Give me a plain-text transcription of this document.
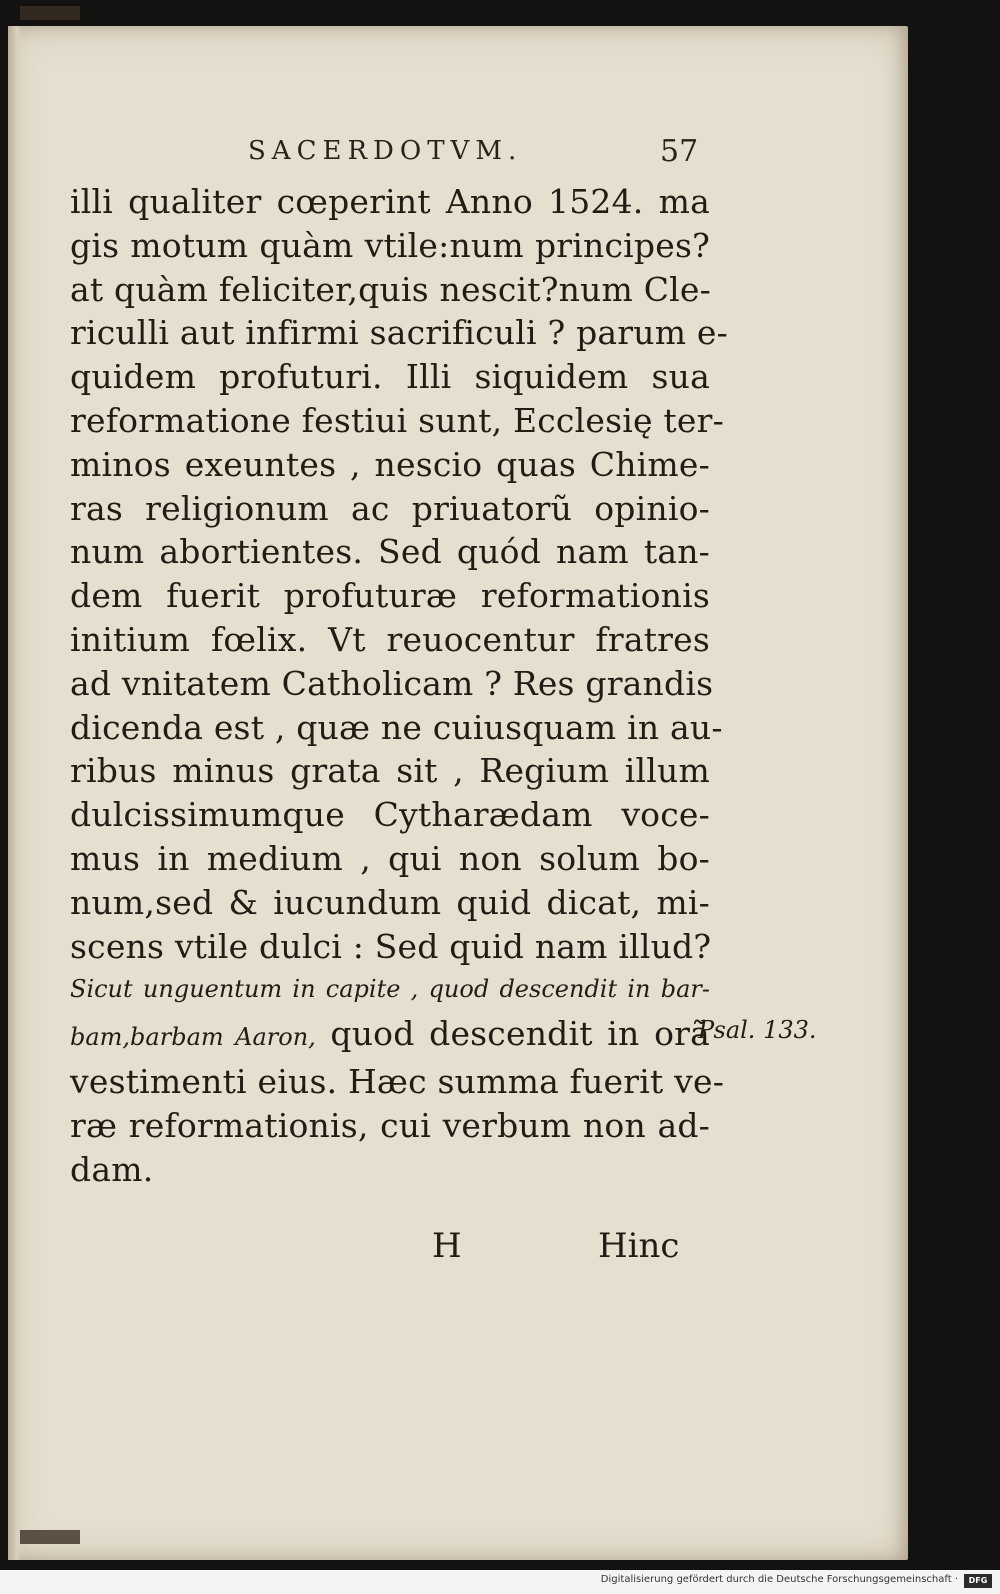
SACERDOTVM.	57
illi qualiter cœperint Anno 1524. ma
gis motum quàm vtile:num principes?
at quàm feliciter,quis nescit?num Cle-
riculli aut infirmi sacrificuli ? parum e-
quidem profuturi. Illi siquidem sua
reformatione festiui sunt, Ecclesię ter-
minos exeuntes , nescio quas Chime-
ras religionum ac priuatorũ opinio-
num abortientes. Sed quód nam tan-
dem fuerit profuturæ reformationis
initium fœlix. Vt reuocentur fratres
ad vnitatem Catholicam ? Res grandis
dicenda est , quæ ne cuiusquam in au-
ribus minus grata sit , Regium illum
dulcissimumque Cytharædam voce-
mus in medium , qui non solum bo-
num,sed & iucundum quid dicat, mi-
scens vtile dulci : Sed quid nam illud?
Sicut unguentum in capite , quod descendit in bar-
bam,barbam Aaron, quod descendit in orã
vestimenti eius. Hæc summa fuerit ve-
ræ reformationis, cui verbum non ad-
dam.
Psal. 133.
H	Hinc
Digitalisierung gefördert durch die Deutsche Forschungsgemeinschaft ·	DFG
